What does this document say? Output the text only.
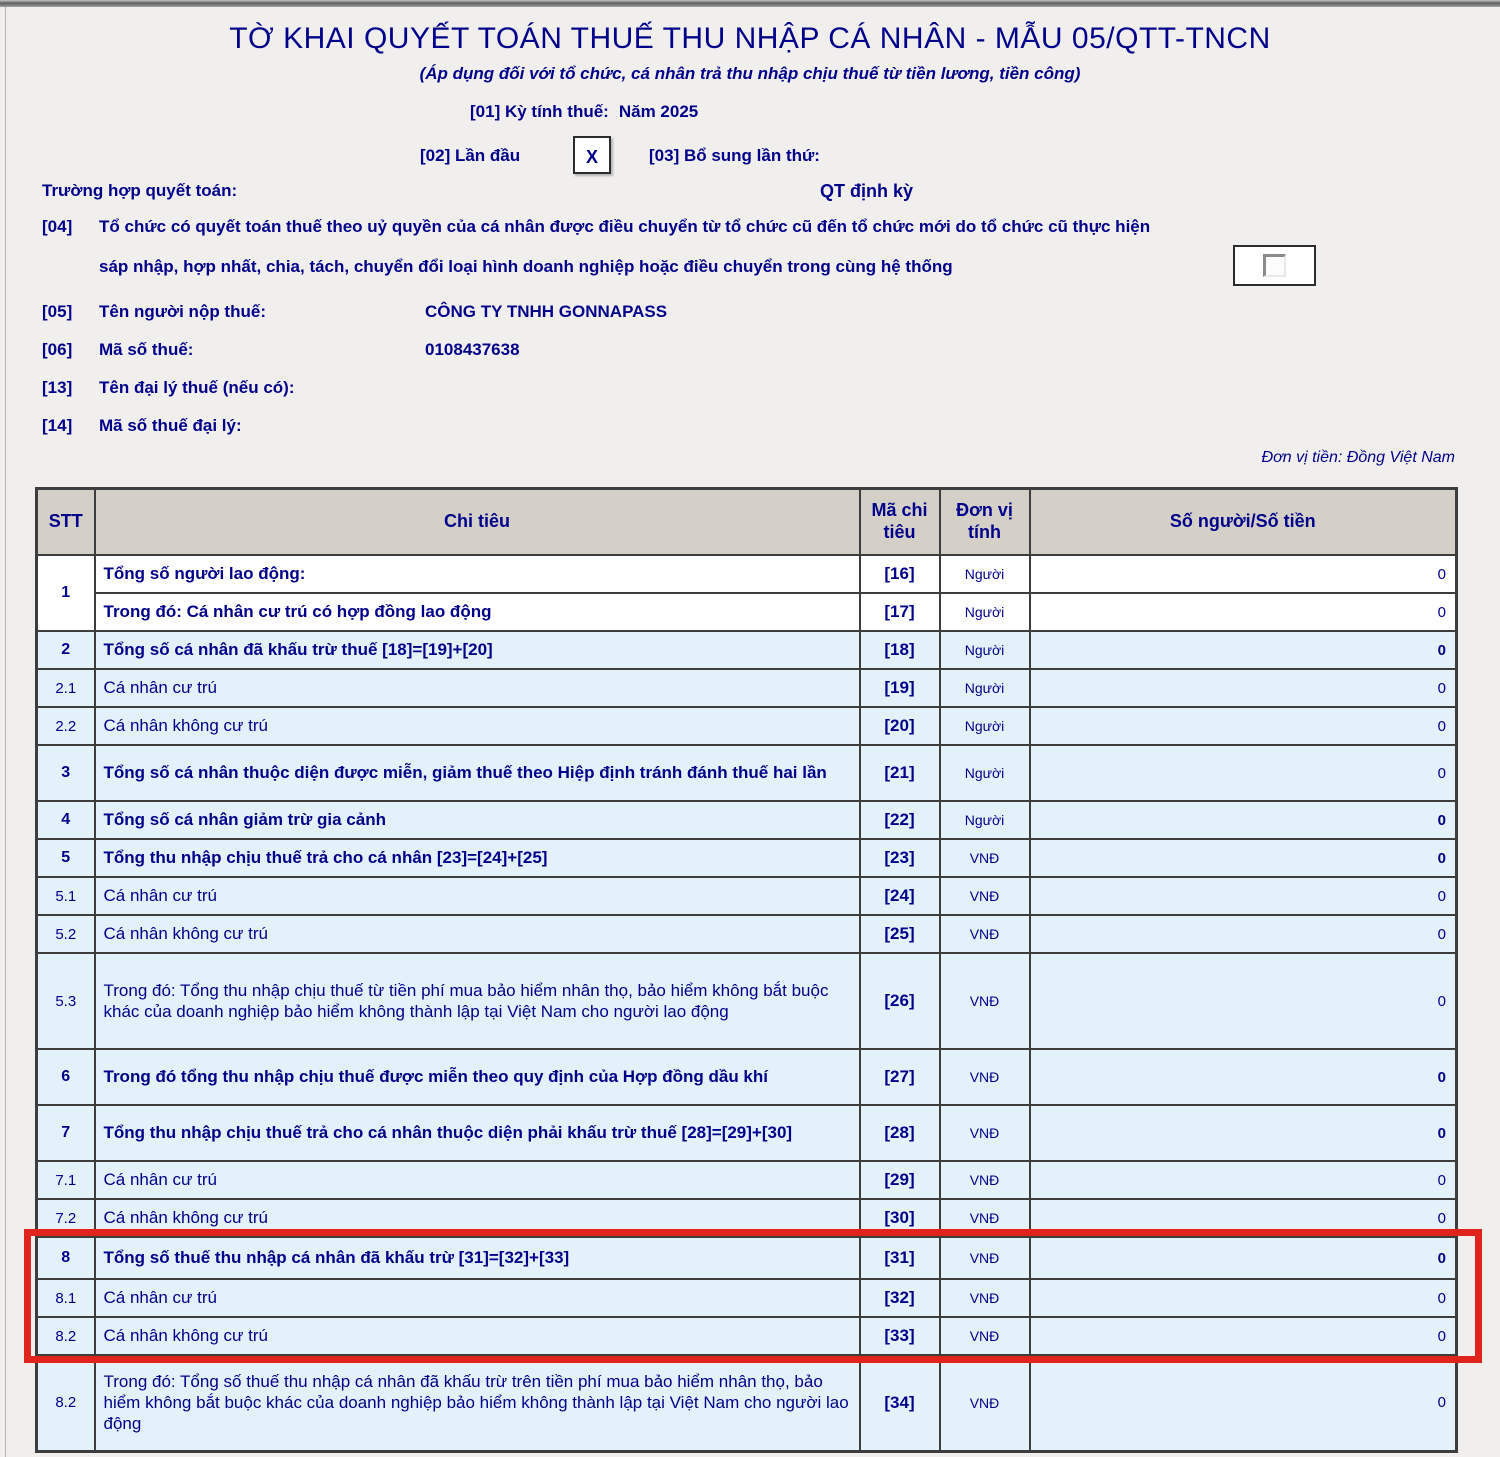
TỜ KHAI QUYẾT TOÁN THUẾ THU NHẬP CÁ NHÂN - MẪU 05/QTT-TNCN
(Áp dụng đối với tổ chức, cá nhân trả thu nhập chịu thuế từ tiền lương, tiền công)
[01] Kỳ tính thuế: Năm 2025
[02] Lần đầu	X	[03] Bổ sung lần thứ:
Trường hợp quyết toán:	QT định kỳ
[04] Tổ chức có quyết toán thuế theo uỷ quyền của cá nhân được điều chuyển từ tổ chức cũ đến tổ chức mới do tổ chức cũ thực hiện
sáp nhập, hợp nhất, chia, tách, chuyển đổi loại hình doanh nghiệp hoặc điều chuyển trong cùng hệ thống
[05] Tên người nộp thuế:	CÔNG TY TNHH GONNAPASS
[06] Mã số thuế:	0108437638
[13] Tên đại lý thuế (nếu có):
[14] Mã số thuế đại lý:
Đơn vị tiền: Đồng Việt Nam
STT	Chi tiêu	Mã chi tiêu	Đơn vị tính	Số người/Số tiền
1	Tổng số người lao động:	[16]	Người	0
	Trong đó: Cá nhân cư trú có hợp đồng lao động	[17]	Người	0
2	Tổng số cá nhân đã khấu trừ thuế [18]=[19]+[20]	[18]	Người	0
2.1	Cá nhân cư trú	[19]	Người	0
2.2	Cá nhân không cư trú	[20]	Người	0
3	Tổng số cá nhân thuộc diện được miễn, giảm thuế theo Hiệp định tránh đánh thuế hai lần	[21]	Người	0
4	Tổng số cá nhân giảm trừ gia cảnh	[22]	Người	0
5	Tổng thu nhập chịu thuế trả cho cá nhân [23]=[24]+[25]	[23]	VNĐ	0
5.1	Cá nhân cư trú	[24]	VNĐ	0
5.2	Cá nhân không cư trú	[25]	VNĐ	0
5.3	Trong đó: Tổng thu nhập chịu thuế từ tiền phí mua bảo hiểm nhân thọ, bảo hiểm không bắt buộc khác của doanh nghiệp bảo hiểm không thành lập tại Việt Nam cho người lao động	[26]	VNĐ	0
6	Trong đó tổng thu nhập chịu thuế được miễn theo quy định của Hợp đồng dầu khí	[27]	VNĐ	0
7	Tổng thu nhập chịu thuế trả cho cá nhân thuộc diện phải khấu trừ thuế [28]=[29]+[30]	[28]	VNĐ	0
7.1	Cá nhân cư trú	[29]	VNĐ	0
7.2	Cá nhân không cư trú	[30]	VNĐ	0
8	Tổng số thuế thu nhập cá nhân đã khấu trừ [31]=[32]+[33]	[31]	VNĐ	0
8.1	Cá nhân cư trú	[32]	VNĐ	0
8.2	Cá nhân không cư trú	[33]	VNĐ	0
8.2	Trong đó: Tổng số thuế thu nhập cá nhân đã khấu trừ trên tiền phí mua bảo hiểm nhân thọ, bảo hiểm không bắt buộc khác của doanh nghiệp bảo hiểm không thành lập tại Việt Nam cho người lao động	[34]	VNĐ	0
